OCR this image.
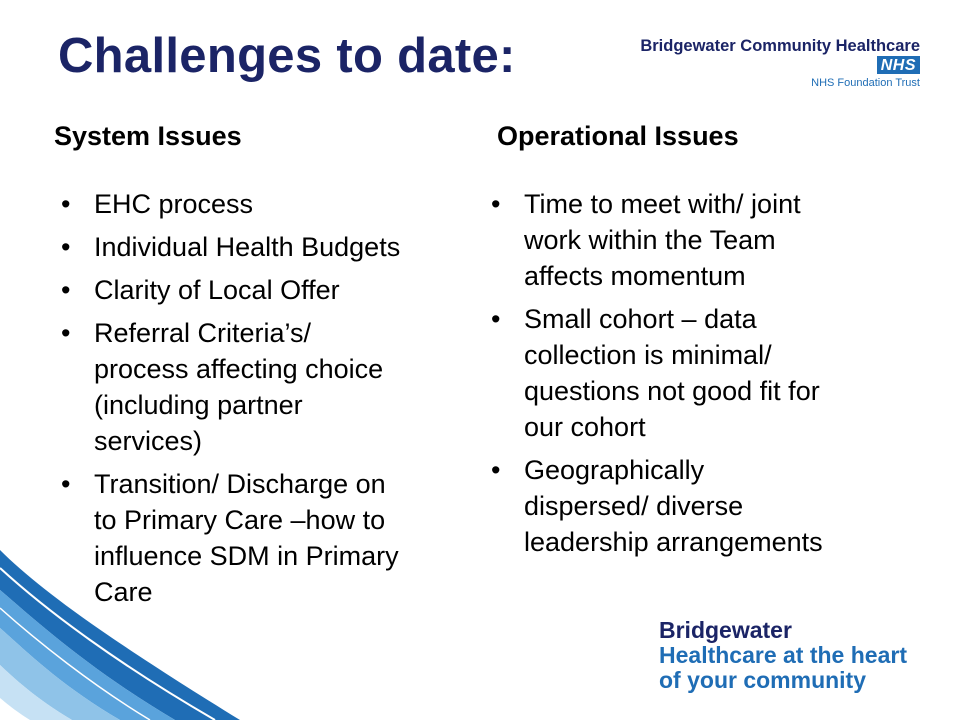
Challenges to date:	Bridgewater Community HealthcareNHS
NHS Foundation Trust
System Issues	Operational Issues
• EHC process
• Individual Health Budgets
• Clarity of Local Offer
• Referral Criteria’s/
process affecting choice
(including partner
services)
• Transition/ Discharge on
to Primary Care –how to
influence SDM in Primary
Care
• Time to meet with/ joint
work within the Team
affects momentum
• Small cohort – data
collection is minimal/
questions not good fit for
our cohort
• Geographically
dispersed/ diverse
leadership arrangements
Bridgewater
Healthcare at the heart
of your community
